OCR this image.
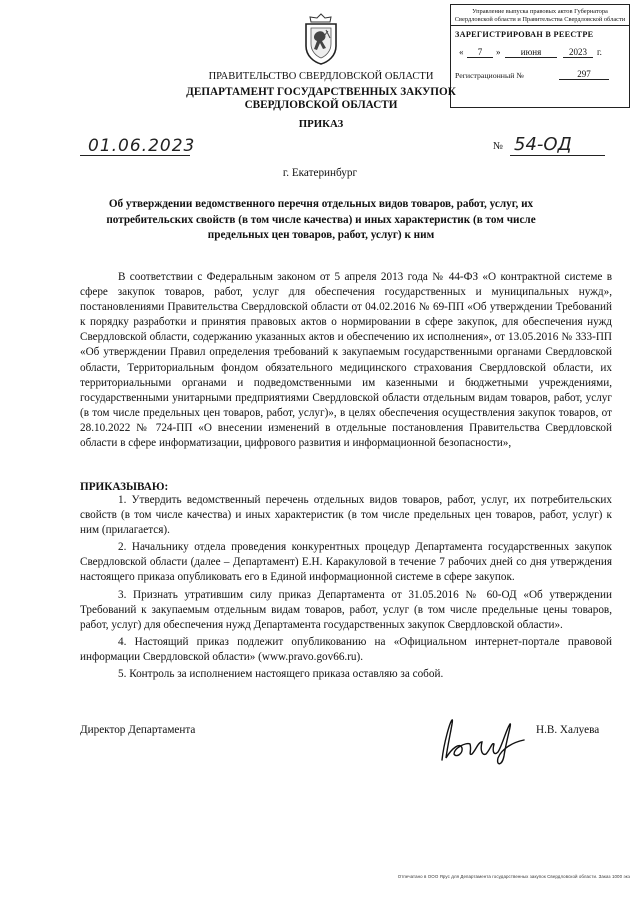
Управление выпуска правовых актов Губернатора Свердловской области и Правительства Свердловской области
ЗАРЕГИСТРИРОВАН В РЕЕСТРЕ
«	7	»	июня	2023	г.
Регистрационный №	297
ПРАВИТЕЛЬСТВО СВЕРДЛОВСКОЙ ОБЛАСТИ
ДЕПАРТАМЕНТ ГОСУДАРСТВЕННЫХ ЗАКУПОК
СВЕРДЛОВСКОЙ ОБЛАСТИ
ПРИКАЗ
01.06.2023	№ 54-ОД
г. Екатеринбург
Об утверждении ведомственного перечня отдельных видов товаров, работ, услуг, их потребительских свойств (в том числе качества) и иных характеристик (в том числе предельных цен товаров, работ, услуг) к ним
В соответствии с Федеральным законом от 5 апреля 2013 года № 44-ФЗ «О контрактной системе в сфере закупок товаров, работ, услуг для обеспечения государственных и муниципальных нужд», постановлениями Правительства Свердловской области от 04.02.2016 № 69-ПП «Об утверждении Требований к порядку разработки и принятия правовых актов о нормировании в сфере закупок, для обеспечения нужд Свердловской области, содержанию указанных актов и обеспечению их исполнения», от 13.05.2016 № 333-ПП «Об утверждении Правил определения требований к закупаемым государственными органами Свердловской области, Территориальным фондом обязательного медицинского страхования Свердловской области, их территориальными органами и подведомственными им казенными и бюджетными учреждениями, государственными унитарными предприятиями Свердловской области отдельным видам товаров, работ, услуг (в том числе предельных цен товаров, работ, услуг)», в целях обеспечения осуществления закупок товаров, от 28.10.2022 № 724-ПП «О внесении изменений в отдельные постановления Правительства Свердловской области в сфере информатизации, цифрового развития и информационной безопасности»,
ПРИКАЗЫВАЮ:

1. Утвердить ведомственный перечень отдельных видов товаров, работ, услуг, их потребительских свойств (в том числе качества) и иных характеристик (в том числе предельных цен товаров, работ, услуг) к ним (прилагается).

2. Начальнику отдела проведения конкурентных процедур Департамента государственных закупок Свердловской области (далее – Департамент) Е.Н. Каракуловой в течение 7 рабочих дней со дня утверждения настоящего приказа опубликовать его в Единой информационной системе в сфере закупок.

3. Признать утратившим силу приказ Департамента от 31.05.2016 № 60-ОД «Об утверждении Требований к закупаемым отдельным видам товаров, работ, услуг (в том числе предельные цены товаров, работ, услуг) для обеспечения нужд Департамента государственных закупок Свердловской области».

4. Настоящий приказ подлежит опубликованию на «Официальном интернет-портале правовой информации Свердловской области» (www.pravo.gov66.ru).

5. Контроль за исполнением настоящего приказа оставляю за собой.

Директор Департамента	Н.В. Халуева
Отпечатано в ООО Ярус для Департамента государственных закупок Свердловской области. Заказ 1000 экз
